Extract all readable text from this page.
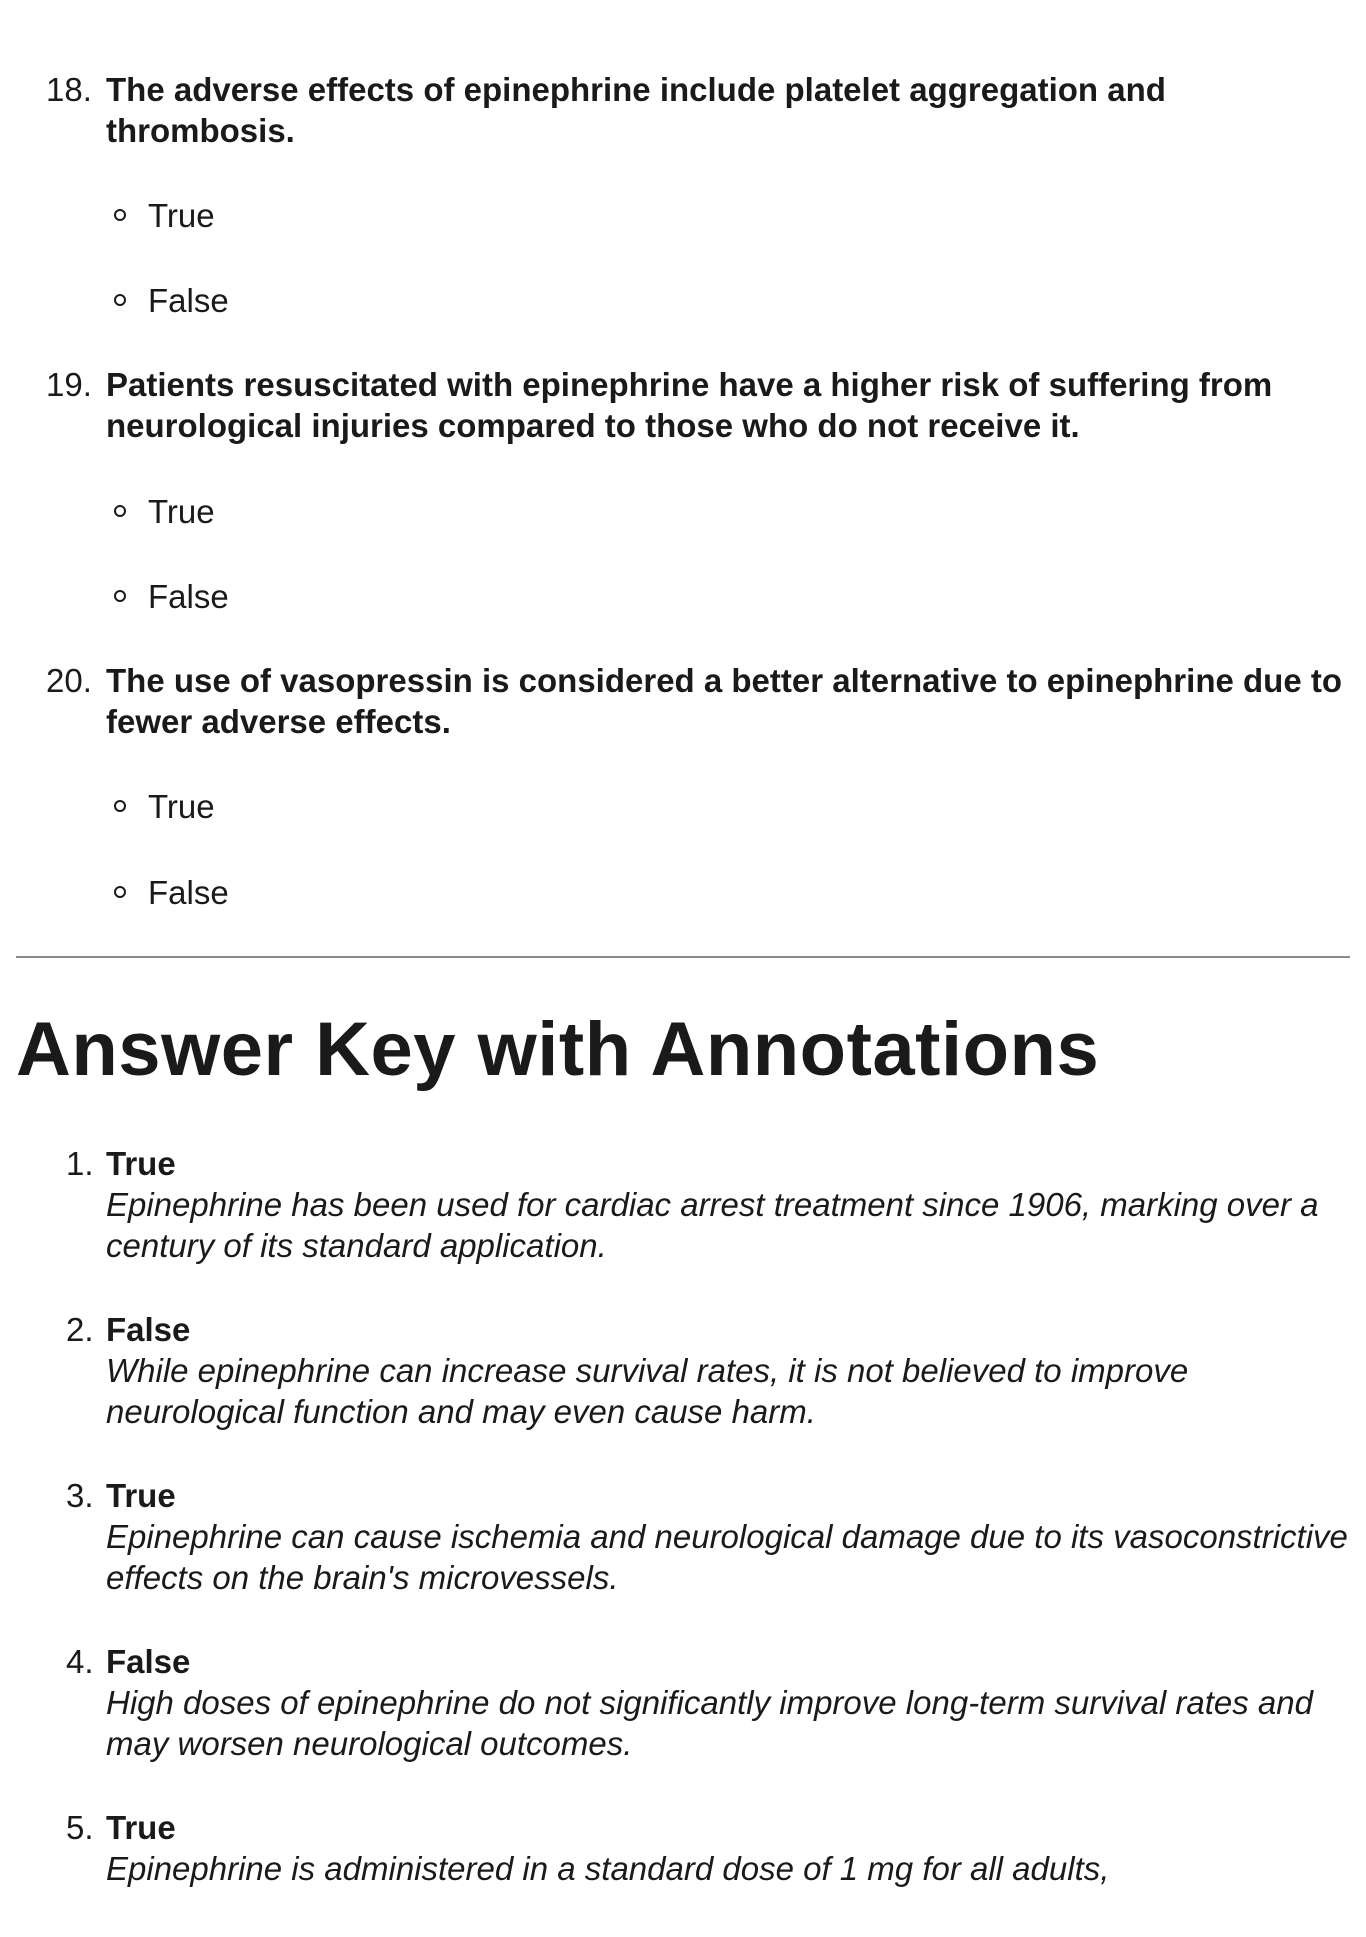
18. The adverse effects of epinephrine include platelet aggregation and thrombosis.
True
False
19. Patients resuscitated with epinephrine have a higher risk of suffering from neurological injuries compared to those who do not receive it.
True
False
20. The use of vasopressin is considered a better alternative to epinephrine due to fewer adverse effects.
True
False
Answer Key with Annotations
1. True
Epinephrine has been used for cardiac arrest treatment since 1906, marking over a century of its standard application.
2. False
While epinephrine can increase survival rates, it is not believed to improve neurological function and may even cause harm.
3. True
Epinephrine can cause ischemia and neurological damage due to its vasoconstrictive effects on the brain's microvessels.
4. False
High doses of epinephrine do not significantly improve long-term survival rates and may worsen neurological outcomes.
5. True
Epinephrine is administered in a standard dose of 1 mg for all adults,
